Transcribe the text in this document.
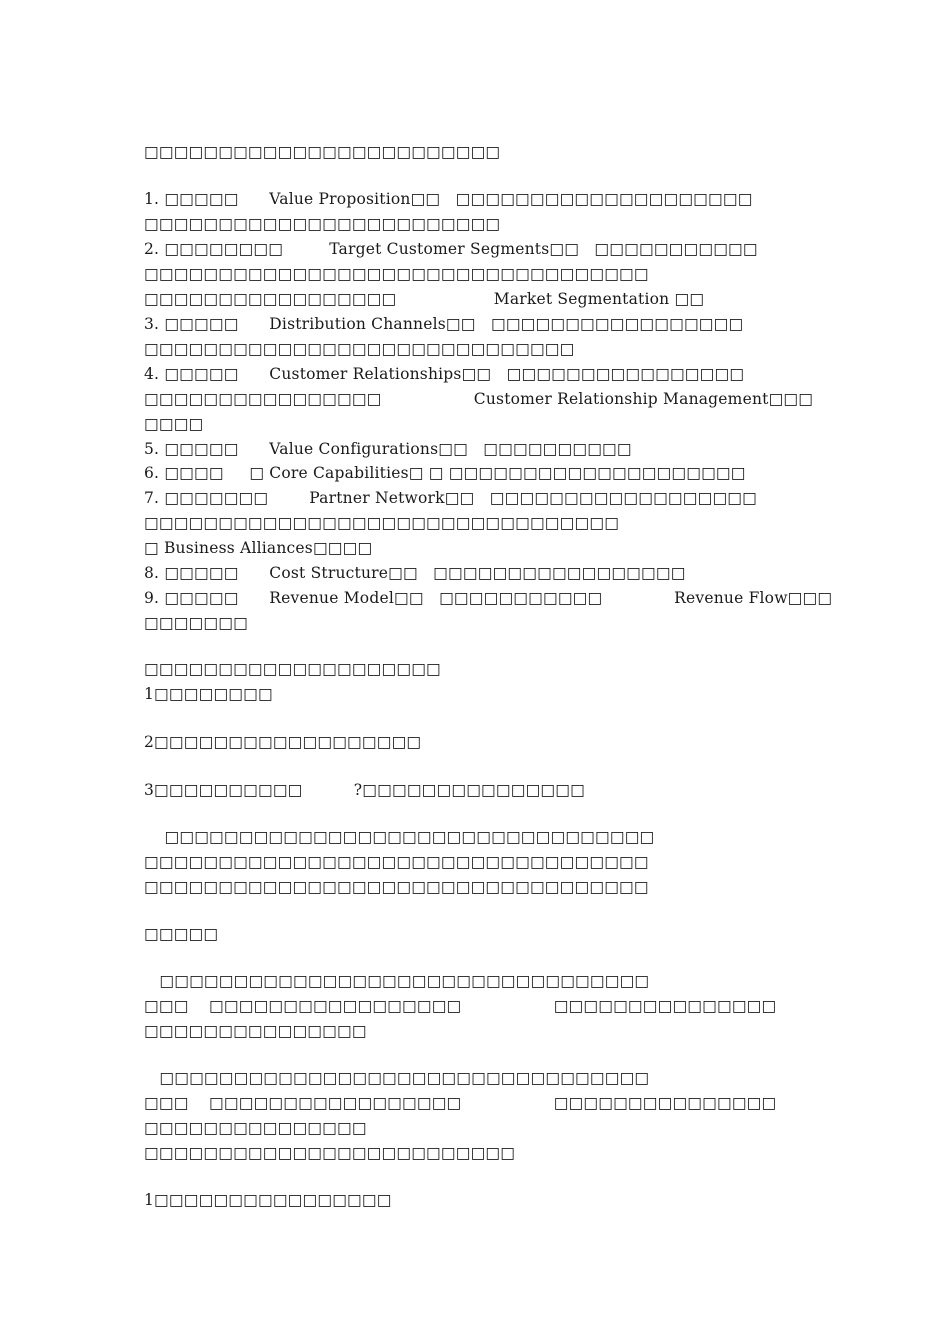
□□□□□□□□□□□□□□□□□□□□□□□□
1. □□□□□      Value Proposition□□   □□□□□□□□□□□□□□□□□□□□
□□□□□□□□□□□□□□□□□□□□□□□□
2. □□□□□□□□         Target Customer Segments□□   □□□□□□□□□□□
□□□□□□□□□□□□□□□□□□□□□□□□□□□□□□□□□□
□□□□□□□□□□□□□□□□□                   Market Segmentation □□
3. □□□□□      Distribution Channels□□   □□□□□□□□□□□□□□□□□
□□□□□□□□□□□□□□□□□□□□□□□□□□□□□
4. □□□□□      Customer Relationships□□   □□□□□□□□□□□□□□□□
□□□□□□□□□□□□□□□□                  Customer Relationship Management□□□
□□□□
5. □□□□□      Value Configurations□□   □□□□□□□□□□
6. □□□□     □ Core Capabilities□ □ □□□□□□□□□□□□□□□□□□□□
7. □□□□□□□        Partner Network□□   □□□□□□□□□□□□□□□□□□
□□□□□□□□□□□□□□□□□□□□□□□□□□□□□□□□
□ Business Alliances□□□□
8. □□□□□      Cost Structure□□   □□□□□□□□□□□□□□□□□
9. □□□□□      Revenue Model□□   □□□□□□□□□□□              Revenue Flow□□□
□□□□□□□
□□□□□□□□□□□□□□□□□□□□
1□□□□□□□□
2□□□□□□□□□□□□□□□□□□
3□□□□□□□□□□          ?□□□□□□□□□□□□□□□
□□□□□□□□□□□□□□□□□□□□□□□□□□□□□□□□□
□□□□□□□□□□□□□□□□□□□□□□□□□□□□□□□□□□
□□□□□□□□□□□□□□□□□□□□□□□□□□□□□□□□□□
□□□□□
□□□□□□□□□□□□□□□□□□□□□□□□□□□□□□□□□
□□□    □□□□□□□□□□□□□□□□□                  □□□□□□□□□□□□□□□
□□□□□□□□□□□□□□□
□□□□□□□□□□□□□□□□□□□□□□□□□□□□□□□□□
□□□    □□□□□□□□□□□□□□□□□                  □□□□□□□□□□□□□□□
□□□□□□□□□□□□□□□
□□□□□□□□□□□□□□□□□□□□□□□□□
1□□□□□□□□□□□□□□□□
